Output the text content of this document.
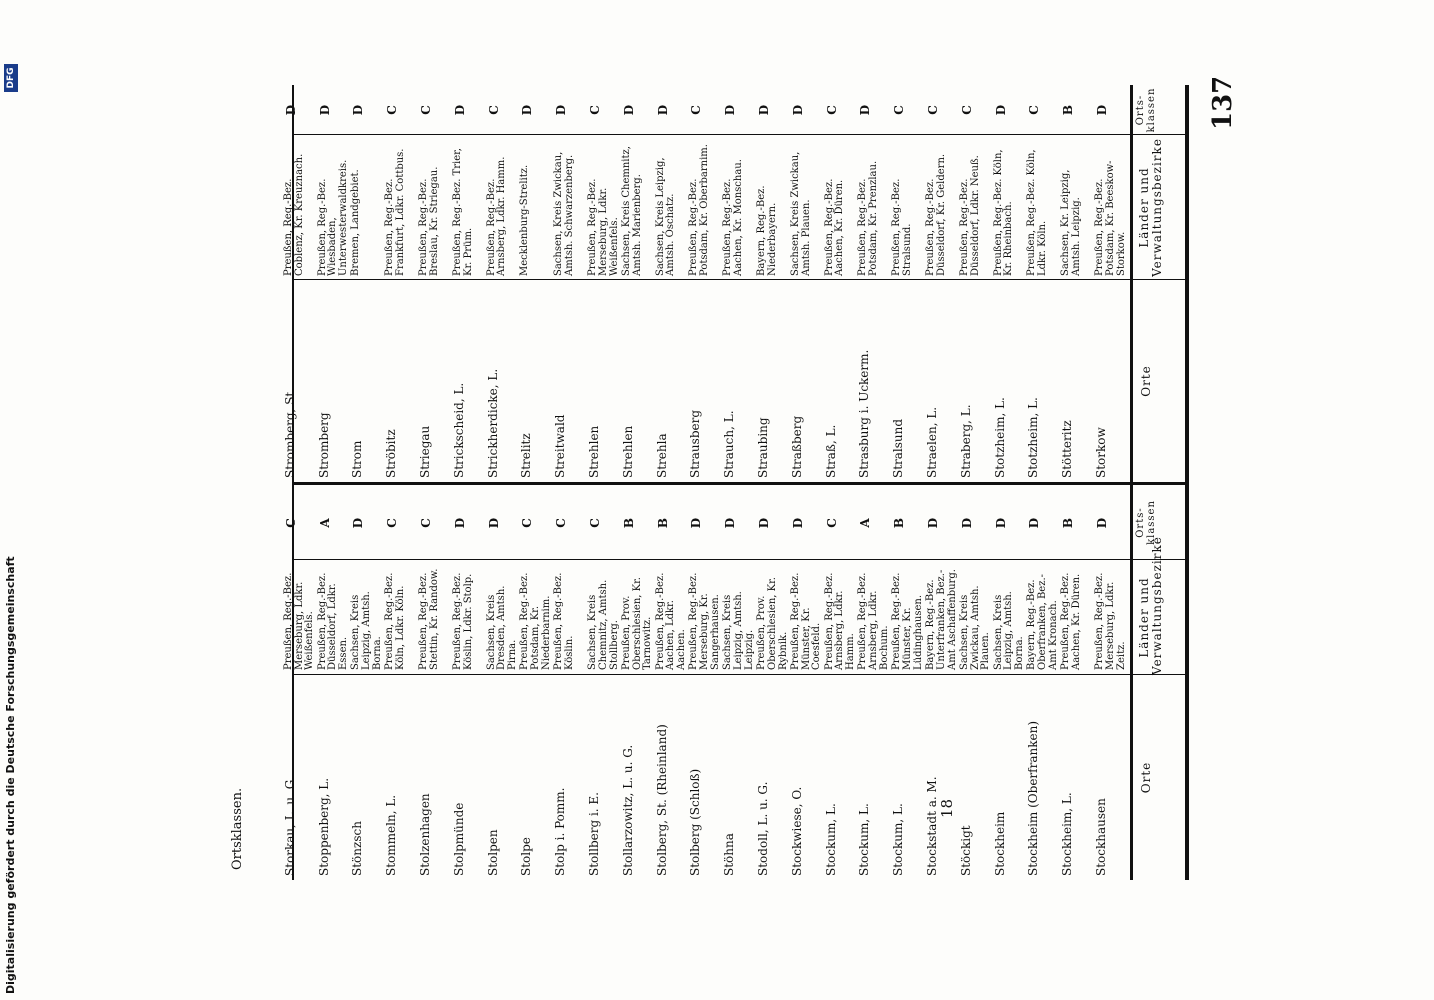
137
Ortsklassen.	18
Digitalisierung gefördert durch die Deutsche Forschungsgemeinschaft
DFG
Orte
Länder und Verwaltungsbezirke
Orts-klassen
Orte
Länder und Verwaltungsbezirke
Orts-klassen
Stockhausen
Preußen, Reg.-Bez. Merseburg, Ldkr. Zeitz.
D
Stockheim, L.
Preußen, Reg.-Bez. Aachen, Kr. Düren.
B
Stockheim (Oberfranken)
Bayern, Reg.-Bez. Oberfranken, Bez.-Amt Kronach.
D
Stockheim
Sachsen, Kreis Leipzig, Amtsh. Borna.
D
Stöckigt
Sachsen, Kreis Zwickau, Amtsh. Plauen.
D
Stockstadt a. M.
Bayern, Reg.-Bez. Unterfranken, Bez.-Amt Aschaffenburg.
D
Stockum, L.
Preußen, Reg.-Bez. Münster, Kr. Lüdinghausen.
B
Stockum, L.
Preußen, Reg.-Bez. Arnsberg, Ldkr. Bochum.
A
Stockum, L.
Preußen, Reg.-Bez. Arnsberg, Ldkr. Hamm.
C
Stockwiese, O.
Preußen, Reg.-Bez. Münster, Kr. Coesfeld.
D
Stodoll, L. u. G.
Preußen, Prov. Oberschlesien, Kr. Rybnik.
D
Stöhna
Sachsen, Kreis Leipzig, Amtsh. Leipzig.
D
Stolberg (Schloß)
Preußen, Reg.-Bez. Merseburg, Kr. Sangerhausen.
D
Stolberg, St. (Rheinland)
Preußen, Reg.-Bez. Aachen, Ldkr. Aachen.
B
Stollarzowitz, L. u. G.
Preußen, Prov. Oberschlesien, Kr. Tarnowitz.
B
Stollberg i. E.
Sachsen, Kreis Chemnitz, Amtsh. Stollberg.
C
Stolp i. Pomm.
Preußen, Reg.-Bez. Köslin.
C
Stolpe
Preußen, Reg.-Bez. Potsdam, Kr. Niederbarnim.
C
Stolpen
Sachsen, Kreis Dresden, Amtsh. Pirna.
D
Stolpmünde
Preußen, Reg.-Bez. Köslin, Ldkr. Stolp.
D
Stolzenhagen
Preußen, Reg.-Bez. Stettin, Kr. Randow.
C
Stommeln, L.
Preußen, Reg.-Bez. Köln, Ldkr. Köln.
C
Stönzsch
Sachsen, Kreis Leipzig, Amtsh. Borna.
D
Stoppenberg, L.
Preußen, Reg.-Bez. Düsseldorf, Ldkr. Essen.
A
Storkau, L. u. G.
Preußen, Reg.-Bez. Merseburg, Ldkr. Weißenfels.
C
Storkow
Preußen, Reg.-Bez. Potsdam, Kr. Beeskow-Storkow.
D
Stötteritz
Sachsen, Kr. Leipzig, Amtsh. Leipzig.
B
Stotzheim, L.
Preußen, Reg.-Bez. Köln, Ldkr. Köln.
C
Stotzheim, L.
Preußen, Reg.-Bez. Köln, Kr. Rheinbach.
D
Straberg, L.
Preußen, Reg.-Bez. Düsseldorf, Ldkr. Neuß.
C
Straelen, L.
Preußen, Reg.-Bez. Düsseldorf, Kr. Geldern.
C
Stralsund
Preußen, Reg.-Bez. Stralsund.
C
Strasburg i. Uckerm.
Preußen, Reg.-Bez. Potsdam, Kr. Prenzlau.
D
Straß, L.
Preußen, Reg.-Bez. Aachen, Kr. Düren.
C
Straßberg
Sachsen, Kreis Zwickau, Amtsh. Plauen.
D
Straubing
Bayern, Reg.-Bez. Niederbayern.
D
Strauch, L.
Preußen, Reg.-Bez. Aachen, Kr. Monschau.
D
Strausberg
Preußen, Reg.-Bez. Potsdam, Kr. Oberbarnim.
C
Strehla
Sachsen, Kreis Leipzig, Amtsh. Oschatz.
D
Strehlen
Sachsen, Kreis Chemnitz, Amtsh. Marienberg.
D
Strehlen
Preußen, Reg.-Bez. Merseburg, Ldkr. Weißenfels.
C
Streitwald
Sachsen, Kreis Zwickau, Amtsh. Schwarzenberg.
D
Strelitz
Mecklenburg-Strelitz.
D
Strickherdicke, L.
Preußen, Reg.-Bez. Arnsberg, Ldkr. Hamm.
C
Strickscheid, L.
Preußen, Reg.-Bez. Trier, Kr. Prüm.
D
Striegau
Preußen, Reg.-Bez. Breslau, Kr. Striegau.
C
Ströbitz
Preußen, Reg.-Bez. Frankfurt, Ldkr. Cottbus.
C
Strom
Bremen, Landgebiet.
D
Stromberg
Preußen, Reg.-Bez. Wiesbaden, Unterwesterwaldkreis.
D
Stromberg, St.
Preußen, Reg.-Bez. Coblenz, Kr. Kreuznach.
D
